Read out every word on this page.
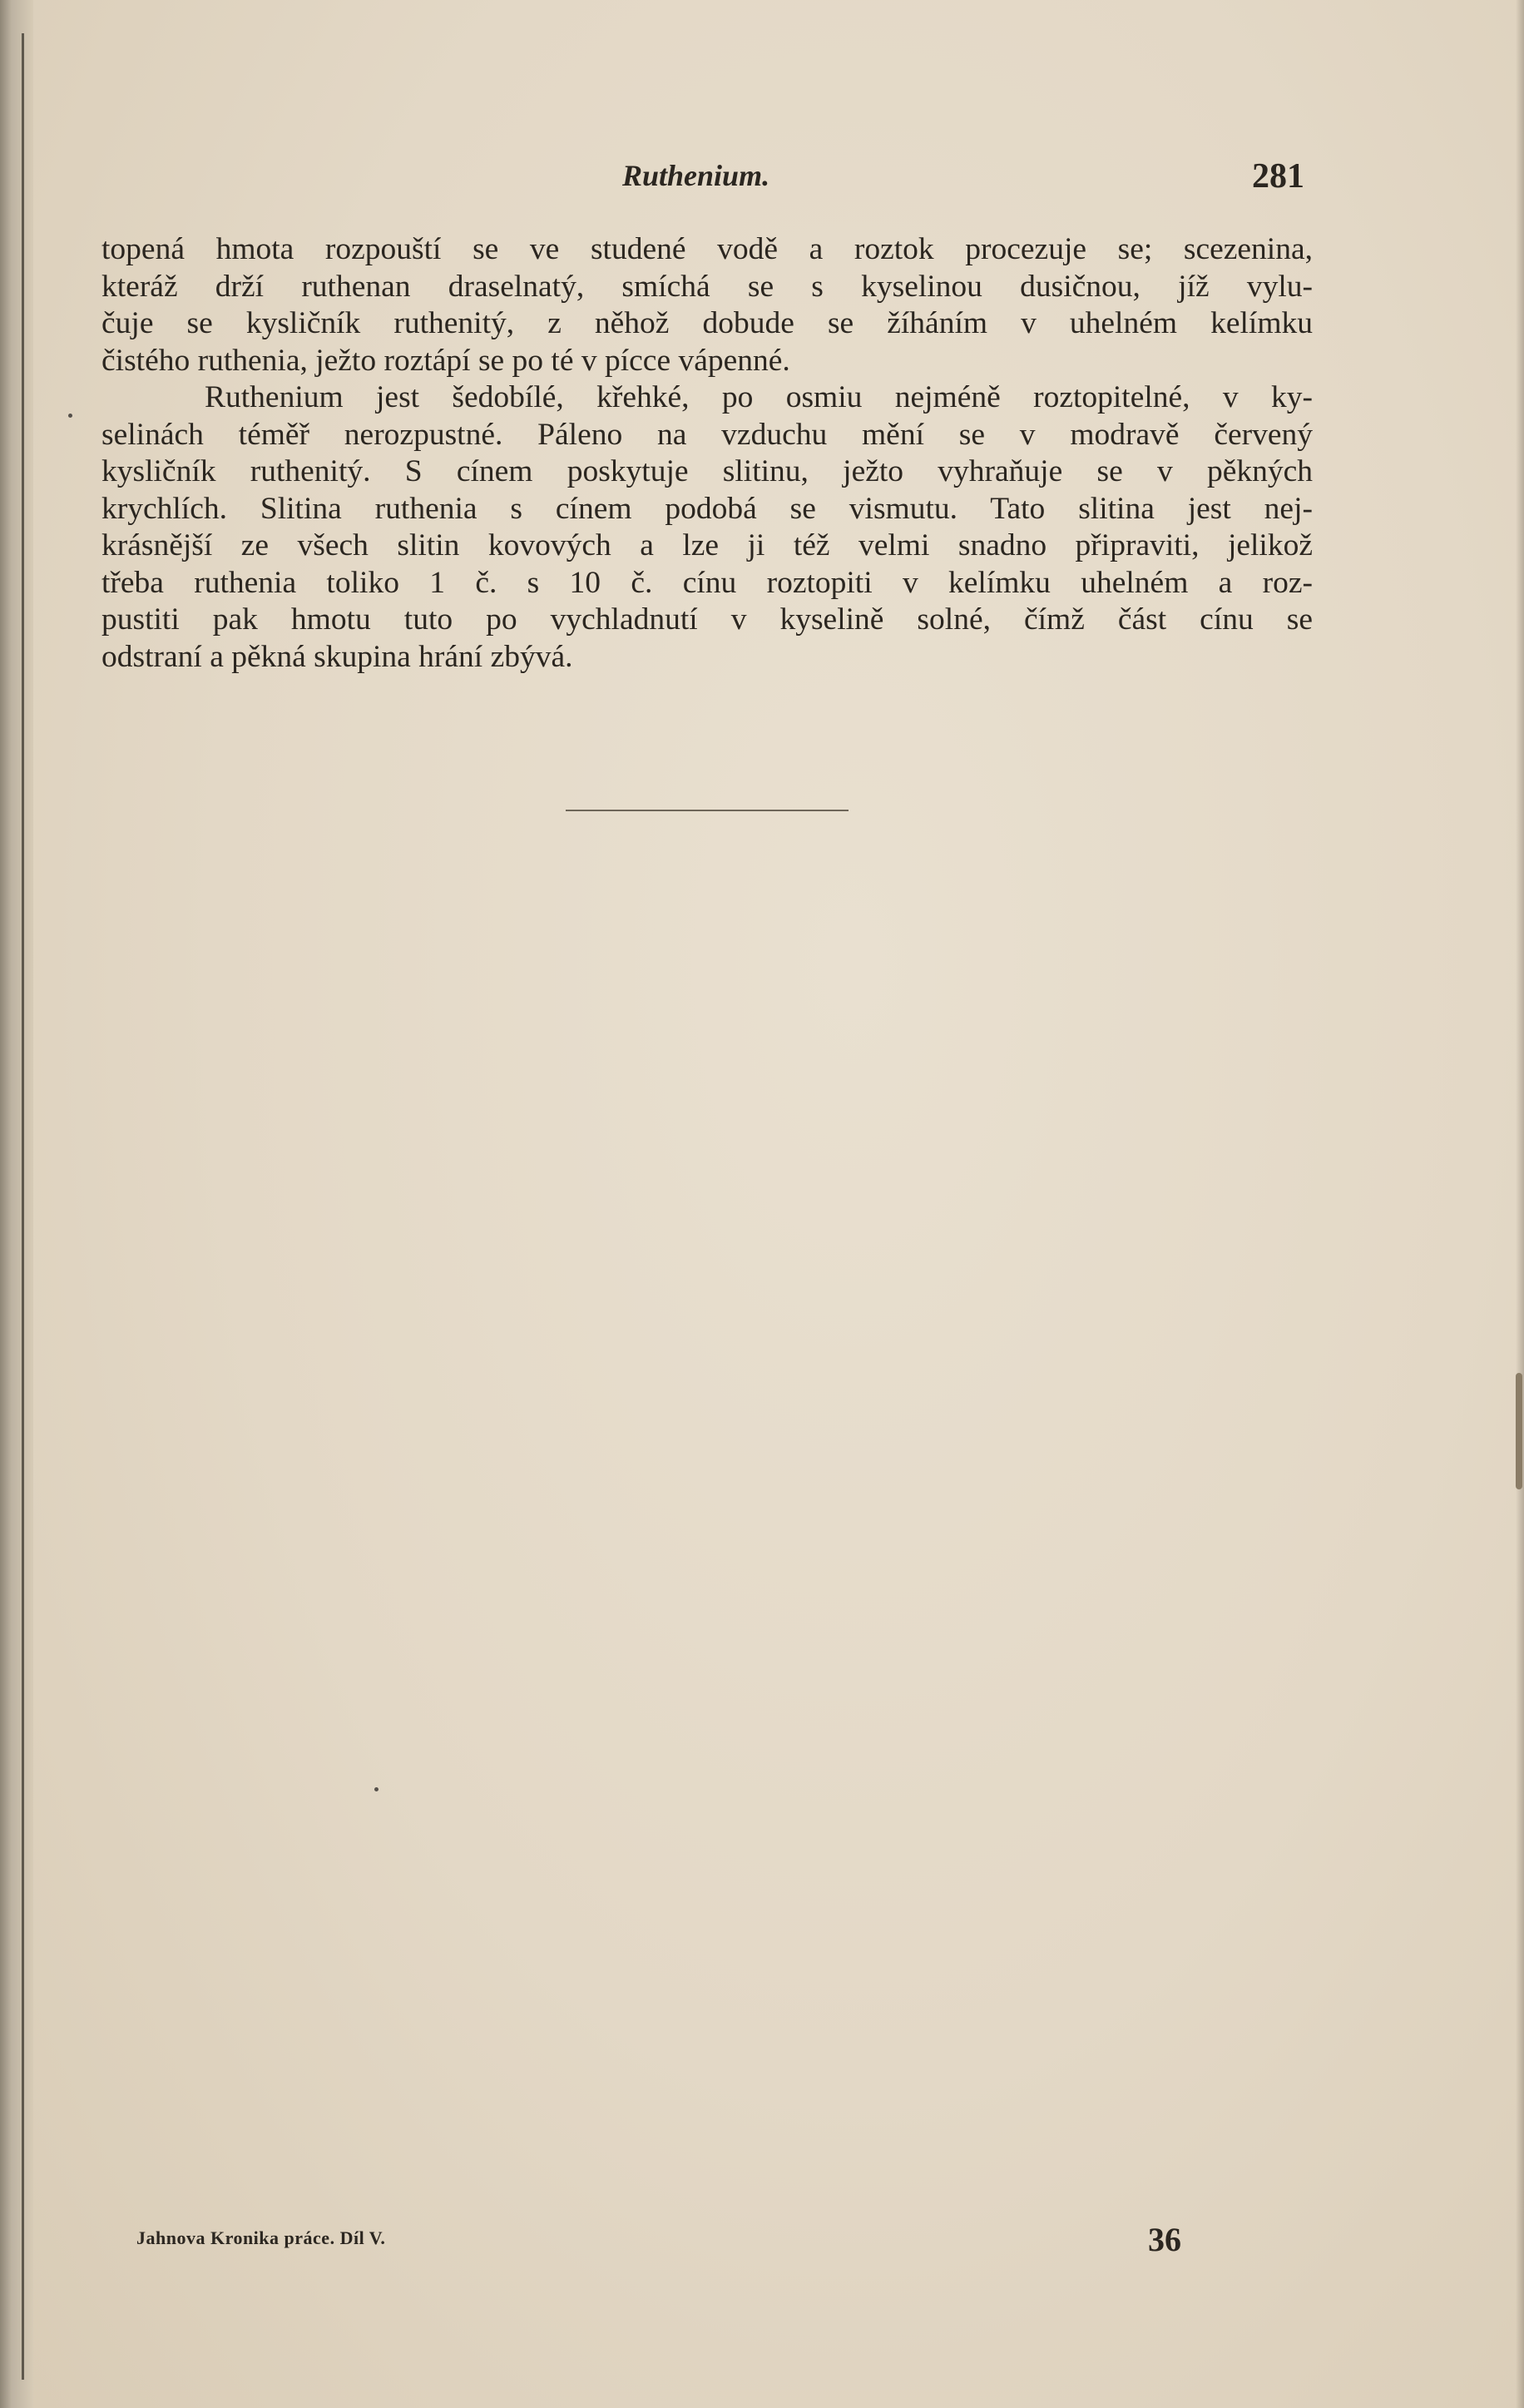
Ruthenium.	281

topená hmota rozpouští se ve studené vodě a roztok procezuje se; scezenina,
kteráž drží ruthenan draselnatý, smíchá se s kyselinou dusičnou, jíž vylu-
čuje se kysličník ruthenitý, z něhož dobude se žíháním v uhelném kelímku
čistého ruthenia, ježto roztápí se po té v pícce vápenné.

Ruthenium jest šedobílé, křehké, po osmiu nejméně roztopitelné, v ky-
selinách téměř nerozpustné. Páleno na vzduchu mění se v modravě červený
kysličník ruthenitý. S cínem poskytuje slitinu, ježto vyhraňuje se v pěkných
krychlích. Slitina ruthenia s cínem podobá se vismutu. Tato slitina jest nej-
krásnější ze všech slitin kovových a lze ji též velmi snadno připraviti, jelikož
třeba ruthenia toliko 1 č. s 10 č. cínu roztopiti v kelímku uhelném a roz-
pustiti pak hmotu tuto po vychladnutí v kyselině solné, čímž část cínu se
odstraní a pěkná skupina hrání zbývá.

Jahnova Kronika práce. Díl V.	36
